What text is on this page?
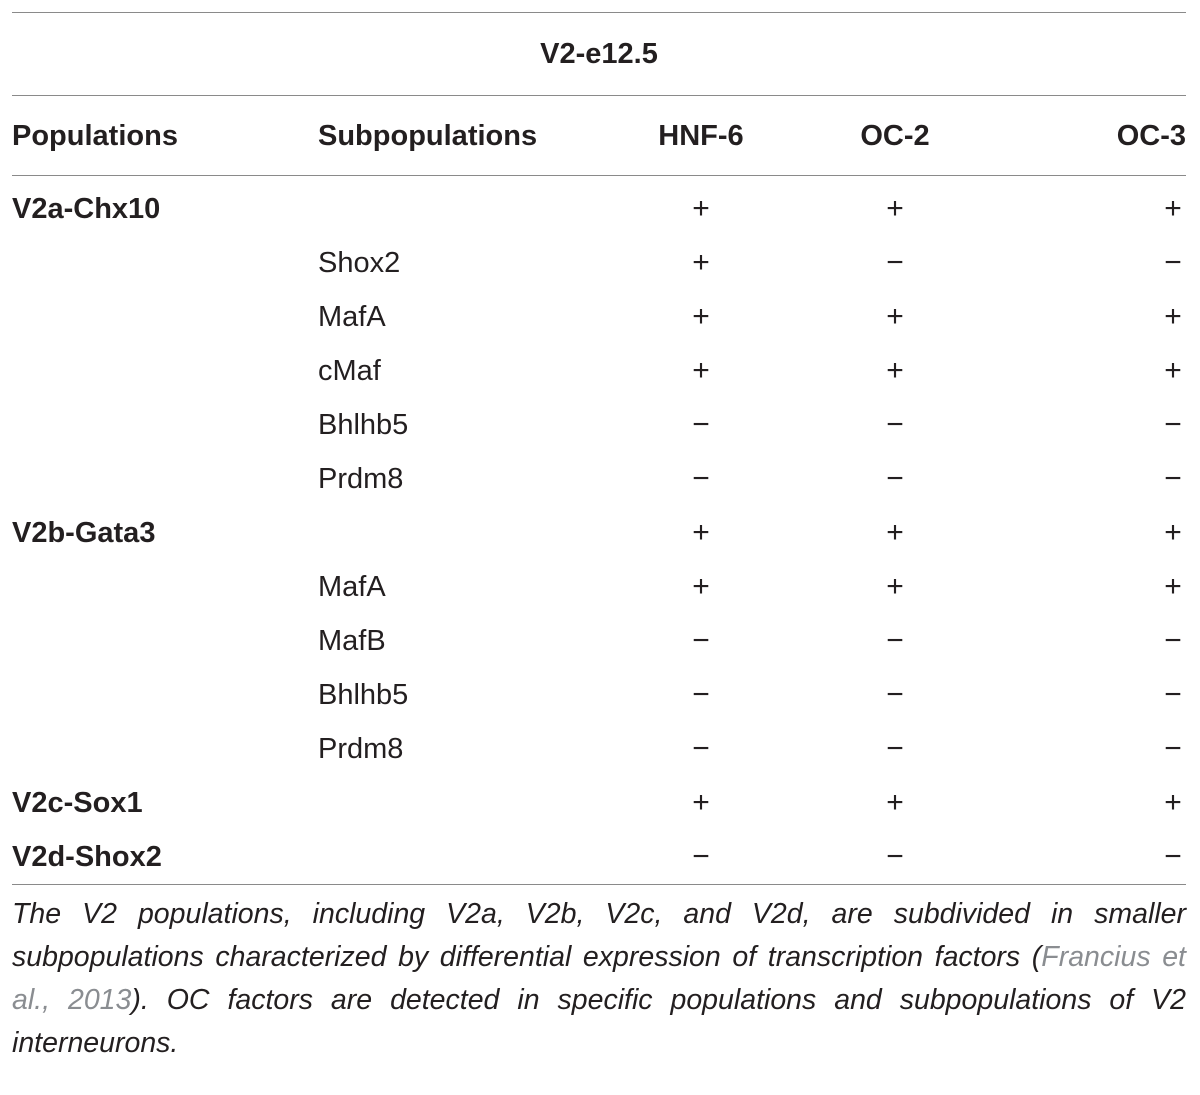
V2-e12.5
Populations	Subpopulations	HNF-6	OC-2	OC-3
V2a-Chx10		+	+	+
	Shox2	+	−	−
	MafA	+	+	+
	cMaf	+	+	+
	Bhlhb5	−	−	−
	Prdm8	−	−	−
V2b-Gata3		+	+	+
	MafA	+	+	+
	MafB	−	−	−
	Bhlhb5	−	−	−
	Prdm8	−	−	−
V2c-Sox1		+	+	+
V2d-Shox2		−	−	−
The V2 populations, including V2a, V2b, V2c, and V2d, are subdivided in smaller subpopulations characterized by differential expression of transcription factors (Francius et al., 2013). OC factors are detected in specific populations and subpopulations of V2 interneurons.
